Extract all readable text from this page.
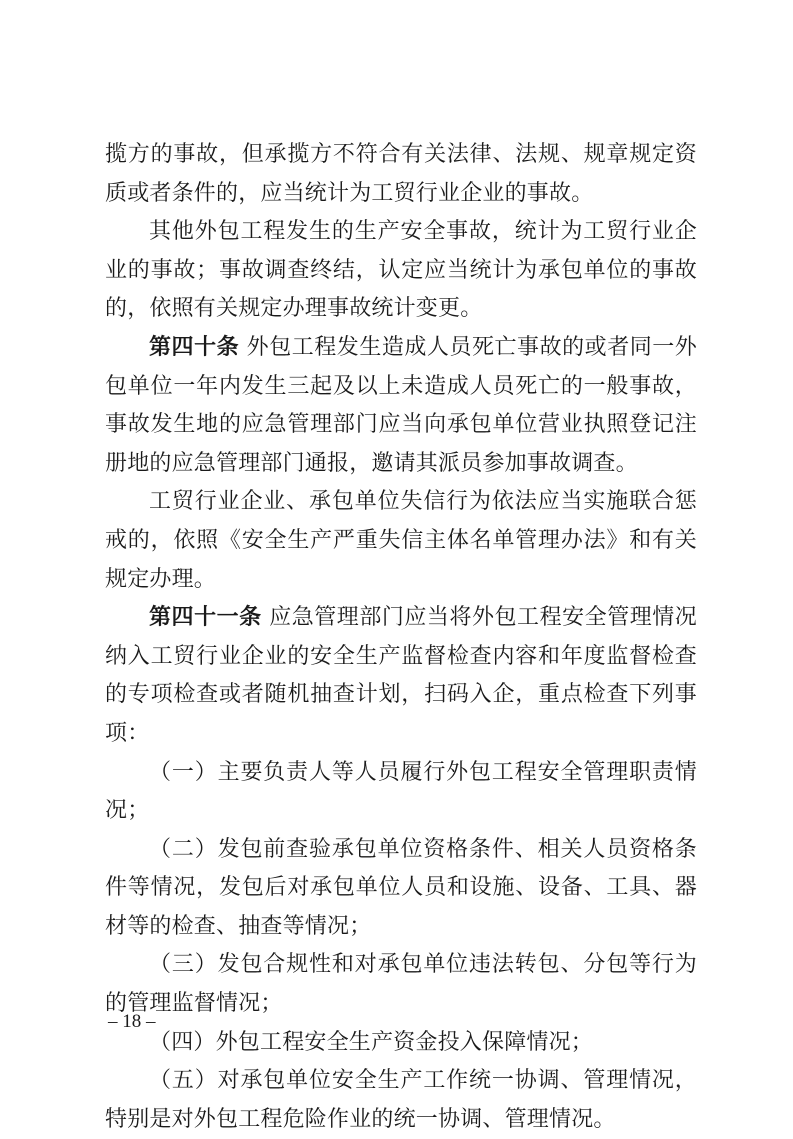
揽方的事故，但承揽方不符合有关法律、法规、规章规定资质或者条件的，应当统计为工贸行业企业的事故。

其他外包工程发生的生产安全事故，统计为工贸行业企业的事故；事故调查终结，认定应当统计为承包单位的事故的，依照有关规定办理事故统计变更。

第四十条 外包工程发生造成人员死亡事故的或者同一外包单位一年内发生三起及以上未造成人员死亡的一般事故，事故发生地的应急管理部门应当向承包单位营业执照登记注册地的应急管理部门通报，邀请其派员参加事故调查。

工贸行业企业、承包单位失信行为依法应当实施联合惩戒的，依照《安全生产严重失信主体名单管理办法》和有关规定办理。

第四十一条 应急管理部门应当将外包工程安全管理情况纳入工贸行业企业的安全生产监督检查内容和年度监督检查的专项检查或者随机抽查计划，扫码入企，重点检查下列事项：

（一）主要负责人等人员履行外包工程安全管理职责情况；

（二）发包前查验承包单位资格条件、相关人员资格条件等情况，发包后对承包单位人员和设施、设备、工具、器材等的检查、抽查等情况；

（三）发包合规性和对承包单位违法转包、分包等行为的管理监督情况；

（四）外包工程安全生产资金投入保障情况；

（五）对承包单位安全生产工作统一协调、管理情况，特别是对外包工程危险作业的统一协调、管理情况。

– 18 –
